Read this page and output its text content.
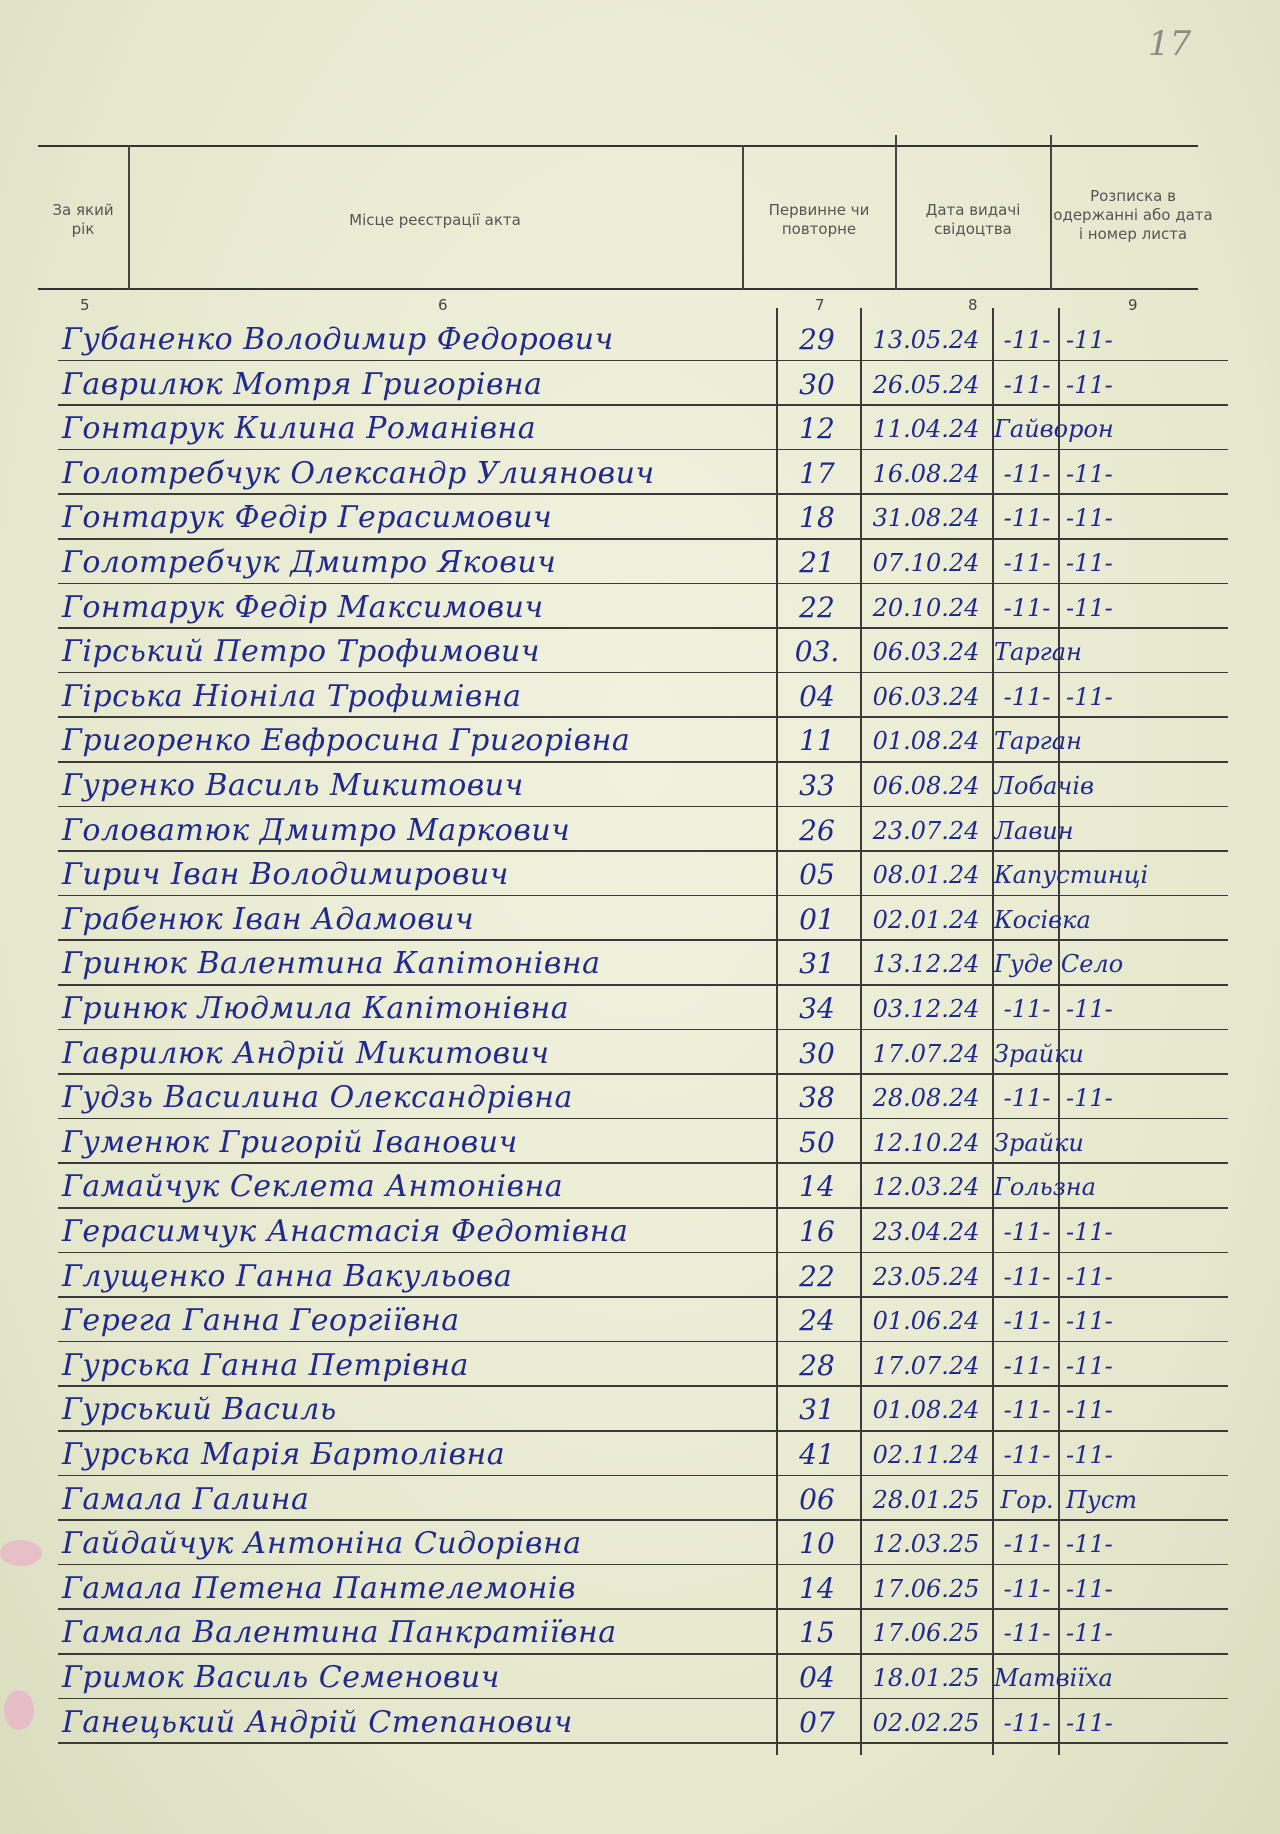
17
За який рік
Місце реєстрації акта
Первинне чи повторне
Дата видачі свідоцтва
Розписка в одержанні або дата і номер листа
5	6	7	8	9
Губаненко Володимир Федорович	29	13.05.24	-11- -11-
Гаврилюк Мотря Григорівна	30	26.05.24	-11- -11-
Гонтарук Килина Романівна	12	11.04.24 Гайворон
Голотребчук Олександр Улиянович	17	16.08.24	-11- -11-
Гонтарук Федір Герасимович	18	31.08.24	-11- -11-
Голотребчук Дмитро Якович	21	07.10.24	-11- -11-
Гонтарук Федір Максимович	22	20.10.24	-11- -11-
Гірський Петро Трофимович	03.	06.03.24 Тарган
Гірська Ніоніла Трофимівна	04	06.03.24	-11- -11-
Григоренко Евфросина Григорівна	11	01.08.24 Тарган
Гуренко Василь Микитович	33	06.08.24 Лобачів
Головатюк Дмитро Маркович	26	23.07.24 Лавин
Гирич Іван Володимирович	05	08.01.24 Капустинці
Грабенюк Іван Адамович	01	02.01.24 Косівка
Гринюк Валентина Капітонівна	31	13.12.24 Гуде Село
Гринюк Людмила Капітонівна	34	03.12.24	-11- -11-
Гаврилюк Андрій Микитович	30	17.07.24 Зрайки
Гудзь Василина Олександрівна	38	28.08.24	-11- -11-
Гуменюк Григорій Іванович	50	12.10.24 Зрайки
Гамайчук Секлета Антонівна	14	12.03.24 Гользна
Герасимчук Анастасія Федотівна	16	23.04.24	-11- -11-
Глущенко Ганна Вакульова	22	23.05.24	-11- -11-
Герега Ганна Георгіївна	24	01.06.24	-11- -11-
Гурська Ганна Петрівна	28	17.07.24	-11- -11-
Гурський Василь	31	01.08.24	-11- -11-
Гурська Марія Бартолівна	41	02.11.24	-11- -11-
Гамала Галина	06	28.01.25 Гор. Пуст
Гайдайчук Антоніна Сидорівна	10	12.03.25	-11- -11-
Гамала Петена Пантелемонів	14	17.06.25	-11- -11-
Гамала Валентина Панкратіївна	15	17.06.25	-11- -11-
Гримок Василь Семенович	04	18.01.25 Матвіїха
Ганецький Андрій Степанович	07	02.02.25	-11- -11-
